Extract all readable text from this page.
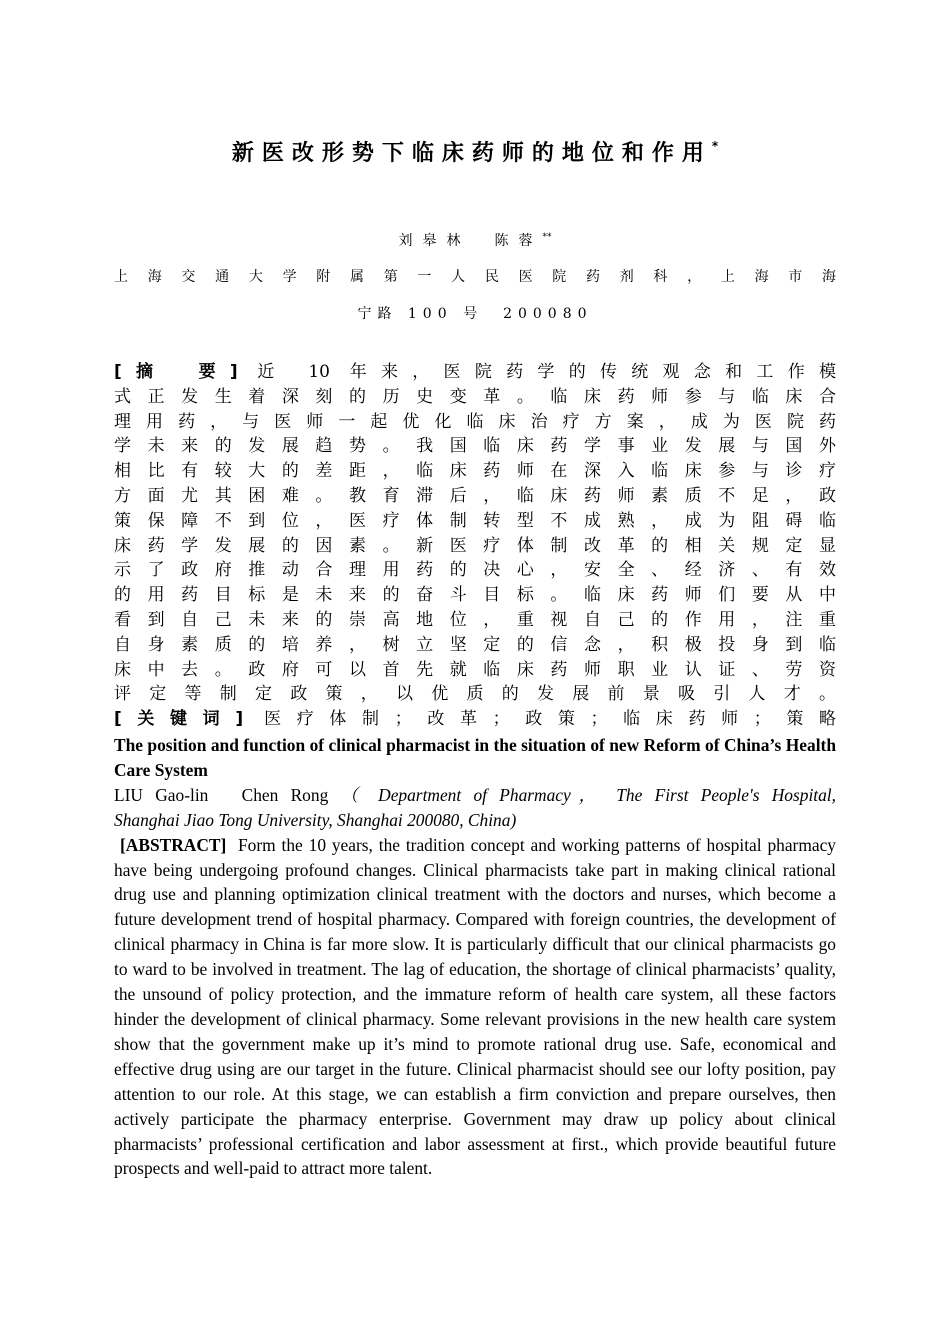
新医改形势下临床药师的地位和作用*
刘皋林　陈蓉**
上海交通大学附属第一人民医院药剂科，上海市海
宁路 100 号　200080
[摘　要] 近 10 年来，医院药学的传统观念和工作模
式正发生着深刻的历史变革。临床药师参与临床合
理用药，与医师一起优化临床治疗方案，成为医院药
学未来的发展趋势。我国临床药学事业发展与国外
相比有较大的差距，临床药师在深入临床参与诊疗
方面尤其困难。教育滞后，临床药师素质不足，政
策保障不到位，医疗体制转型不成熟，成为阻碍临
床药学发展的因素。新医疗体制改革的相关规定显
示了政府推动合理用药的决心，安全、经济、有效
的用药目标是未来的奋斗目标。临床药师们要从中
看到自己未来的崇高地位，重视自己的作用，注重
自身素质的培养，树立坚定的信念，积极投身到临
床中去。政府可以首先就临床药师职业认证、劳资
评定等制定政策，以优质的发展前景吸引人才。
[关键词] 医疗体制；改革；政策；临床药师；策略
The position and function of clinical pharmacist in the situation of new Reform of China’s Health Care System
LIU Gao-lin　Chen Rong （ Department of Pharmacy， The First People's Hospital,
Shanghai Jiao Tong University, Shanghai 200080, China)
[ABSTRACT] Form the 10 years, the tradition concept and working patterns of hospital pharmacy have being undergoing profound changes. Clinical pharmacists take part in making clinical rational drug use and planning optimization clinical treatment with the doctors and nurses, which become a future development trend of hospital pharmacy. Compared with foreign countries, the development of clinical pharmacy in China is far more slow. It is particularly difficult that our clinical pharmacists go to ward to be involved in treatment. The lag of education, the shortage of clinical pharmacists’ quality, the unsound of policy protection, and the immature reform of health care system, all these factors hinder the development of clinical pharmacy. Some relevant provisions in the new health care system show that the government make up it’s mind to promote rational drug use. Safe, economical and effective drug using are our target in the future. Clinical pharmacist should see our lofty position, pay attention to our role. At this stage, we can establish a firm conviction and prepare ourselves, then actively participate the pharmacy enterprise. Government may draw up policy about clinical pharmacists’ professional certification and labor assessment at first., which provide beautiful future prospects and well-paid to attract more talent.
